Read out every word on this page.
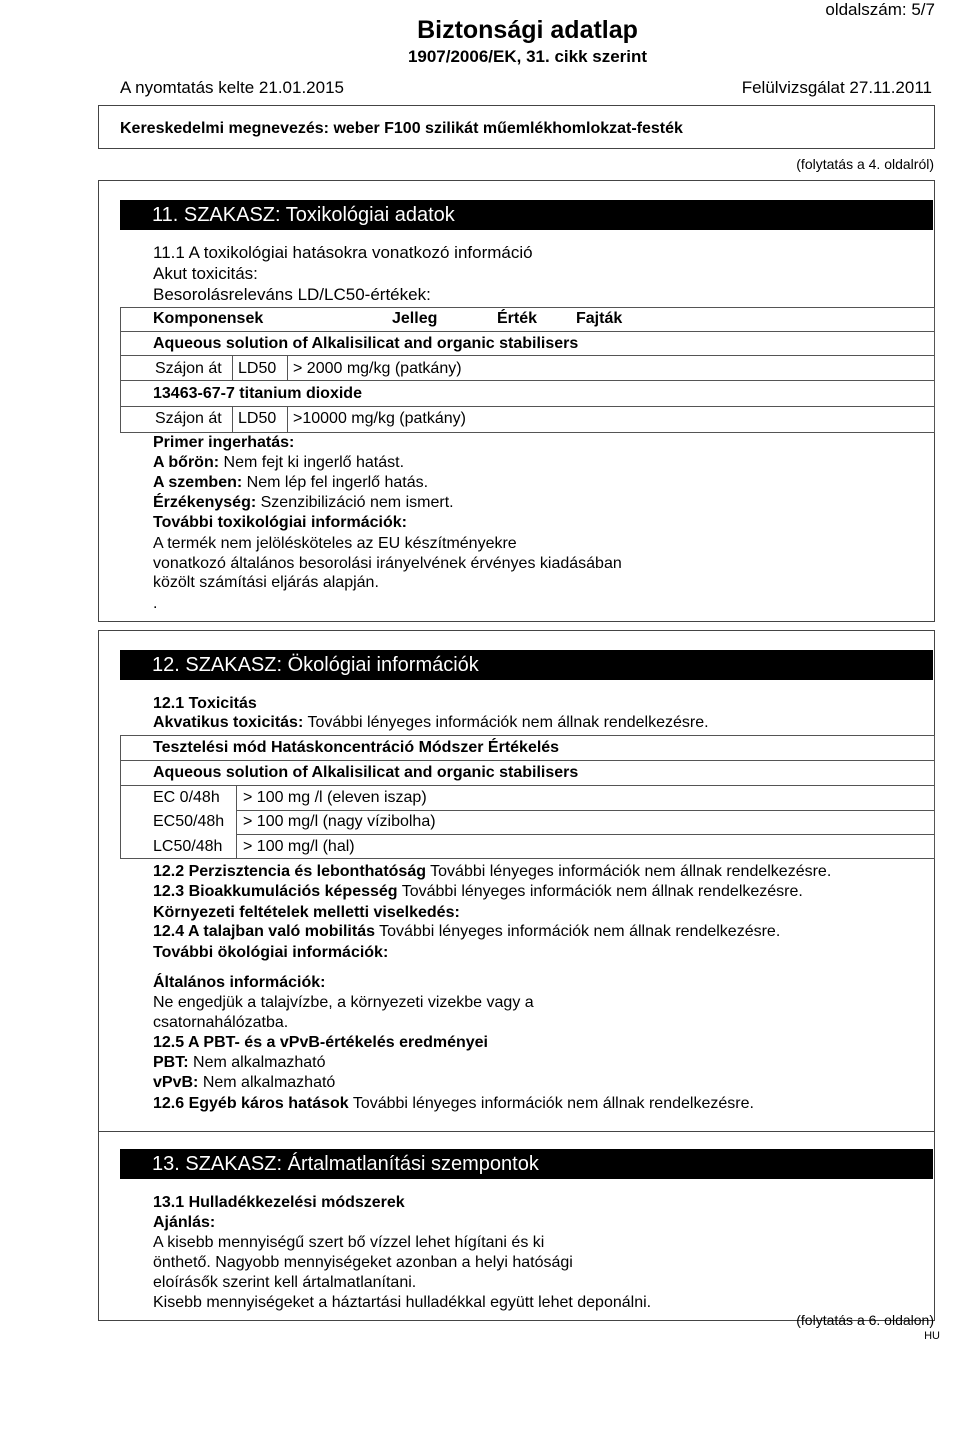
oldalszám: 5/7
Biztonsági adatlap
1907/2006/EK, 31. cikk szerint
A nyomtatás kelte 21.01.2015	Felülvizsgálat 27.11.2011
Kereskedelmi megnevezés: weber F100 szilikát műemlékhomlokzat-festék
(folytatás a 4. oldalról)
11. SZAKASZ: Toxikológiai adatok
11.1 A toxikológiai hatásokra vonatkozó információ
Akut toxicitás:
Besorolásreleváns LD/LC50-értékek:
Komponensek	Jelleg	Érték Fajták
Aqueous solution of Alkalisilicat and organic stabilisers
Szájon át LD50 > 2000 mg/kg (patkány)
13463-67-7 titanium dioxide
Szájon át LD50 >10000 mg/kg (patkány)
Primer ingerhatás:
A bőrön: Nem fejt ki ingerlő hatást.
A szemben: Nem lép fel ingerlő hatás.
Érzékenység: Szenzibilizáció nem ismert.
További toxikológiai információk:
A termék nem jelölésköteles az EU készítményekre
vonatkozó általános besorolási irányelvének érvényes kiadásában
közölt számítási eljárás alapján.
.
12. SZAKASZ: Ökológiai információk
12.1 Toxicitás
Akvatikus toxicitás: További lényeges információk nem állnak rendelkezésre.
Tesztelési mód Hatáskoncentráció Módszer Értékelés
Aqueous solution of Alkalisilicat and organic stabilisers
EC 0/48h > 100 mg /l (eleven iszap)
EC50/48h > 100 mg/l (nagy vízibolha)
LC50/48h > 100 mg/l (hal)
12.2 Perzisztencia és lebonthatóság További lényeges információk nem állnak rendelkezésre.
12.3 Bioakkumulációs képesség További lényeges információk nem állnak rendelkezésre.
Környezeti feltételek melletti viselkedés:
12.4 A talajban való mobilitás További lényeges információk nem állnak rendelkezésre.
További ökológiai információk:
Általános információk:
Ne engedjük a talajvízbe, a környezeti vizekbe vagy a
csatornahálózatba.
12.5 A PBT- és a vPvB-értékelés eredményei
PBT: Nem alkalmazható
vPvB: Nem alkalmazható
12.6 Egyéb káros hatások További lényeges információk nem állnak rendelkezésre.
13. SZAKASZ: Ártalmatlanítási szempontok
13.1 Hulladékkezelési módszerek
Ajánlás:
A kisebb mennyiségű szert bő vízzel lehet hígítani és ki
önthető. Nagyobb mennyiségeket azonban a helyi hatósági
eloírásők szerint kell ártalmatlanítani.
Kisebb mennyiségeket a háztartási hulladékkal együtt lehet deponálni.
(folytatás a 6. oldalon)
HU
